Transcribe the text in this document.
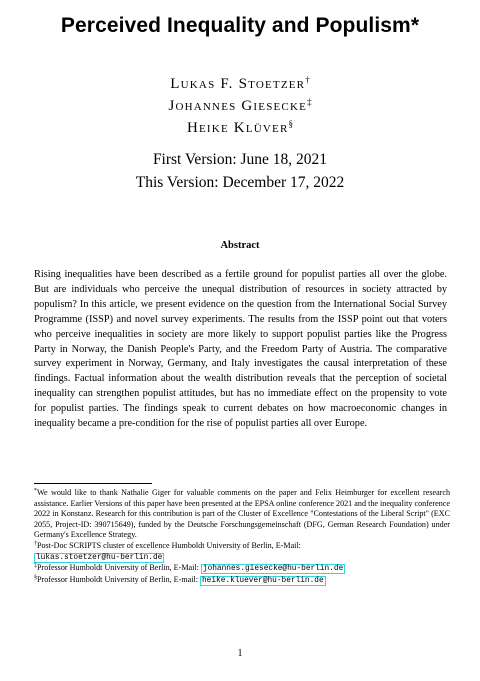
Perceived Inequality and Populism*
Lukas F. Stoetzer†
Johannes Giesecke‡
Heike Klüver§
First Version: June 18, 2021
This Version: December 17, 2022
Abstract
Rising inequalities have been described as a fertile ground for populist parties all over the globe. But are individuals who perceive the unequal distribution of resources in society attracted by populism? In this article, we present evidence on the question from the International Social Survey Programme (ISSP) and novel survey experiments. The results from the ISSP point out that voters who perceive inequalities in society are more likely to support populist parties like the Progress Party in Norway, the Danish People's Party, and the Freedom Party of Austria. The comparative survey experiment in Norway, Germany, and Italy investigates the causal interpretation of these findings. Factual information about the wealth distribution reveals that the perception of societal inequality can strengthen populist attitudes, but has no immediate effect on the propensity to vote for populist parties. The findings speak to current debates on how macroeconomic changes in inequality became a pre-condition for the rise of populist parties all over Europe.

*We would like to thank Nathalie Giger for valuable comments on the paper and Felix Heimburger for excellent research assistance. Earlier Versions of this paper have been presented at the EPSA online conference 2021 and the inequality conference 2022 in Konstanz. Research for this contribution is part of the Cluster of Excellence "Contestations of the Liberal Script" (EXC 2055, Project-ID: 390715649), funded by the Deutsche Forschungsgemeinschaft (DFG, German Research Foundation) under Germany's Excellence Strategy.

†Post-Doc SCRIPTS cluster of excellence Humboldt University of Berlin, E-Mail:
lukas.stoetzer@hu-berlin.de

‡Professor Humboldt University of Berlin, E-Mail: johannes.giesecke@hu-berlin.de

§Professor Humboldt University of Berlin, E-mail: heike.kluever@hu-berlin.de

1
